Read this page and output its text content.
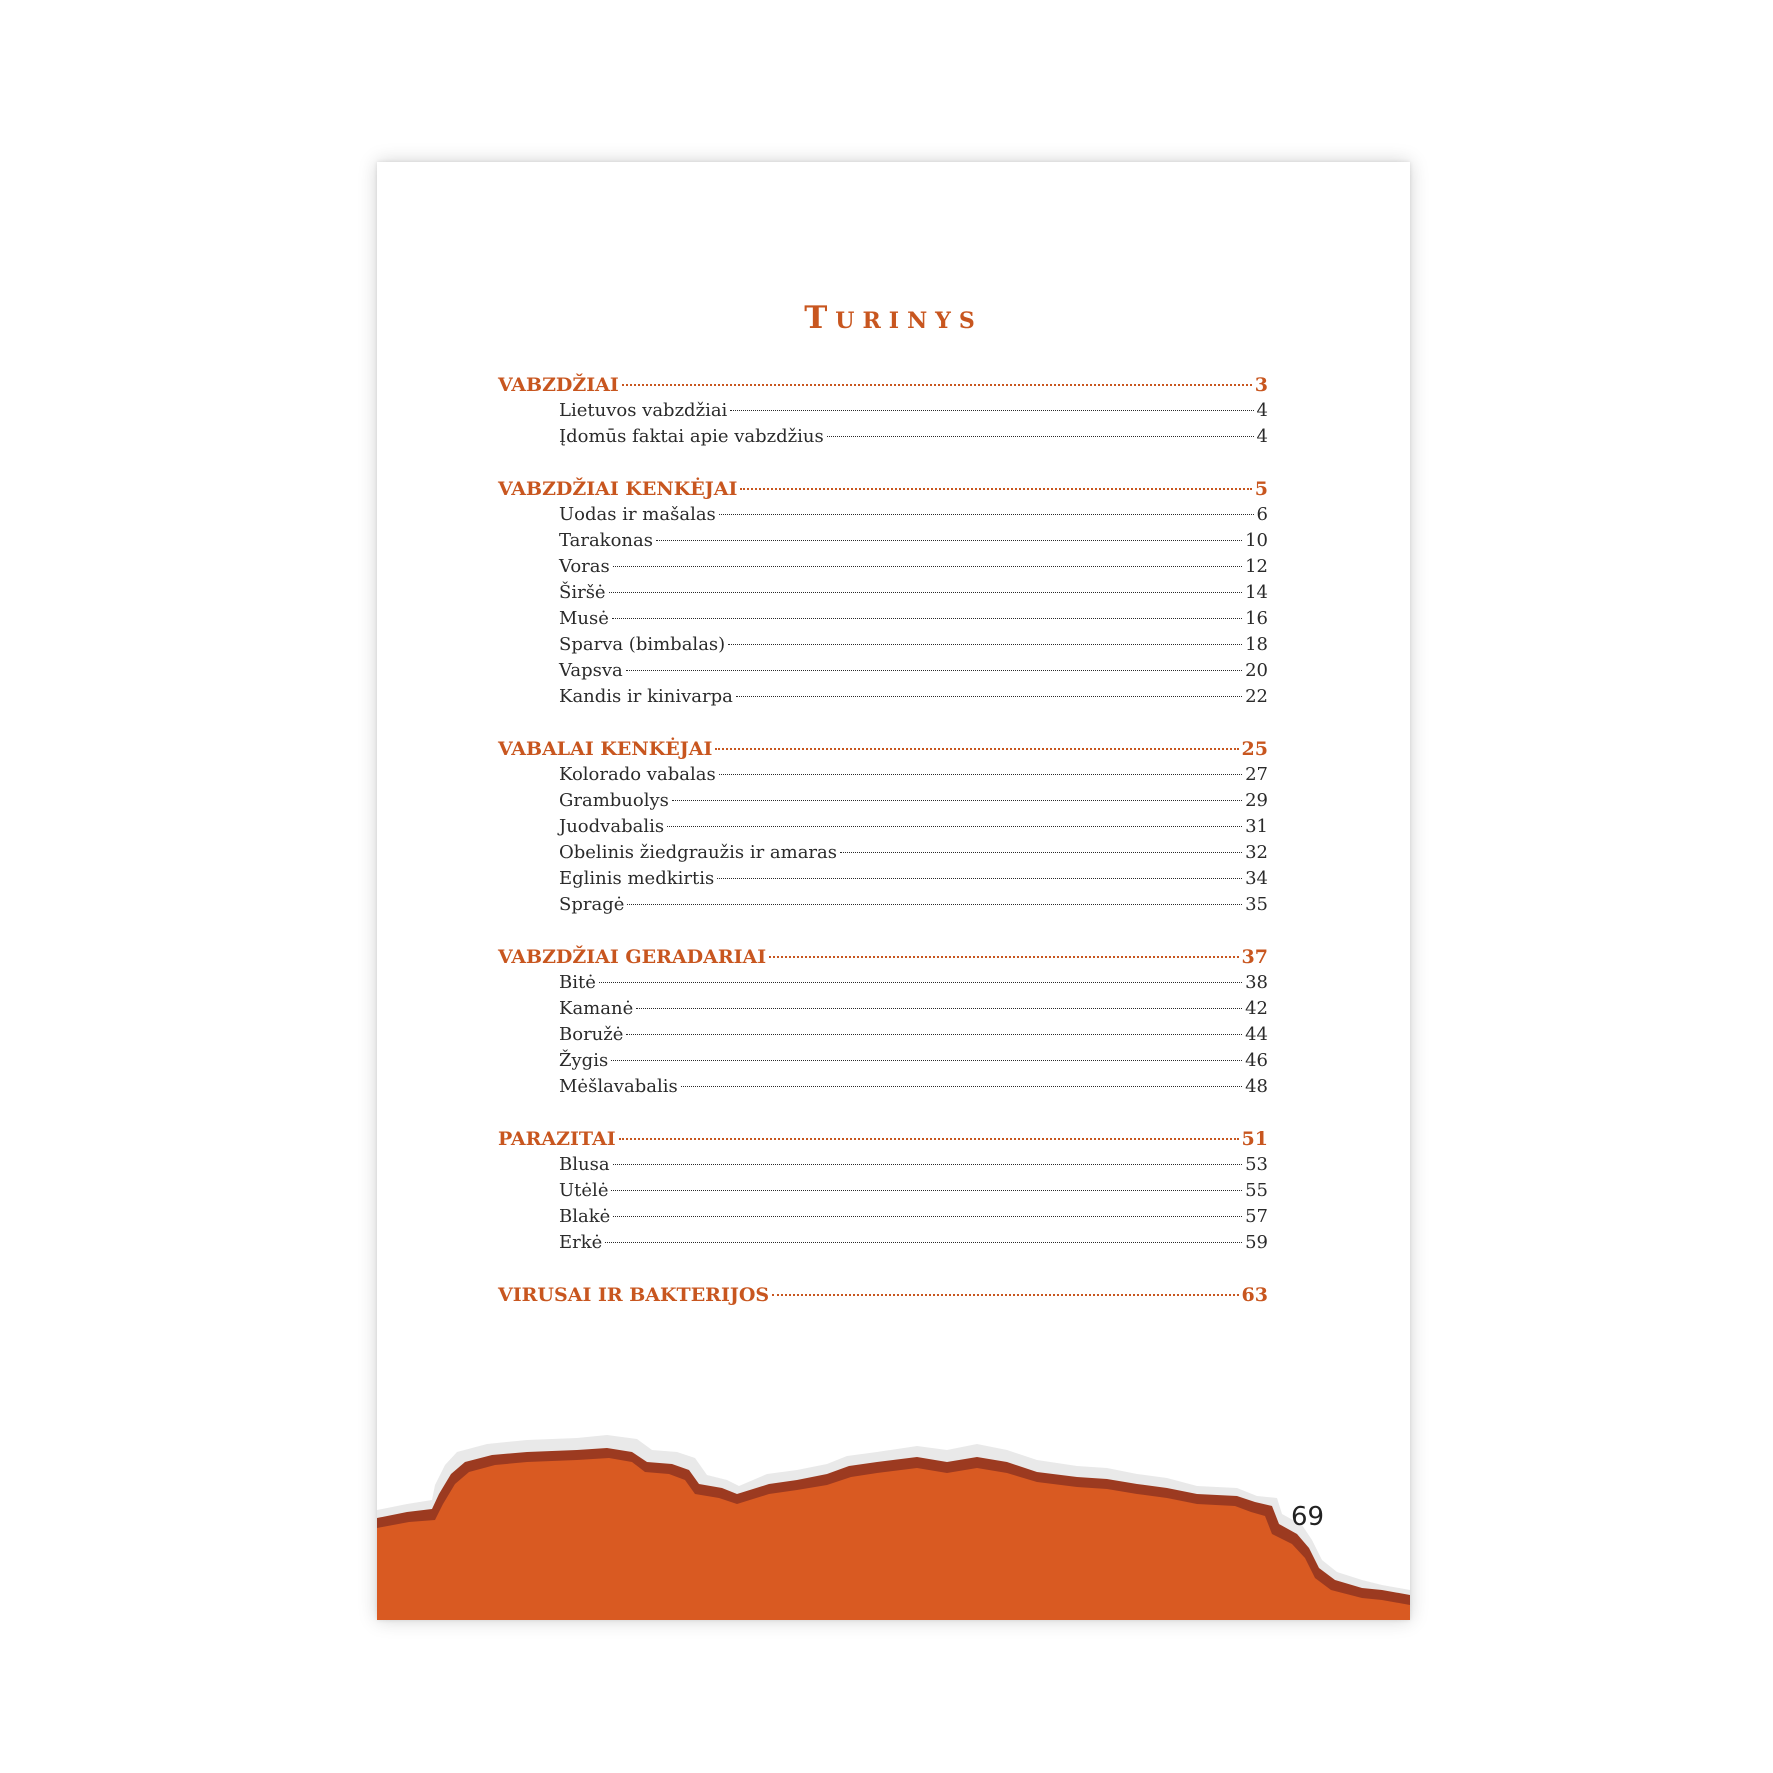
Turinys
VABZDŽIAI	3
Lietuvos vabzdžiai	4
Įdomūs faktai apie vabzdžius	4
VABZDŽIAI KENKĖJAI	5
Uodas ir mašalas	6
Tarakonas	10
Voras	12
Širšė	14
Musė	16
Sparva (bimbalas)	18
Vapsva	20
Kandis ir kinivarpa	22
VABALAI KENKĖJAI	25
Kolorado vabalas	27
Grambuolys	29
Juodvabalis	31
Obelinis žiedgraužis ir amaras	32
Eglinis medkirtis	34
Spragė	35
VABZDŽIAI GERADARIAI	37
Bitė	38
Kamanė	42
Boružė	44
Žygis	46
Mėšlavabalis	48
PARAZITAI	51
Blusa	53
Utėlė	55
Blakė	57
Erkė	59
VIRUSAI IR BAKTERIJOS	63
69
